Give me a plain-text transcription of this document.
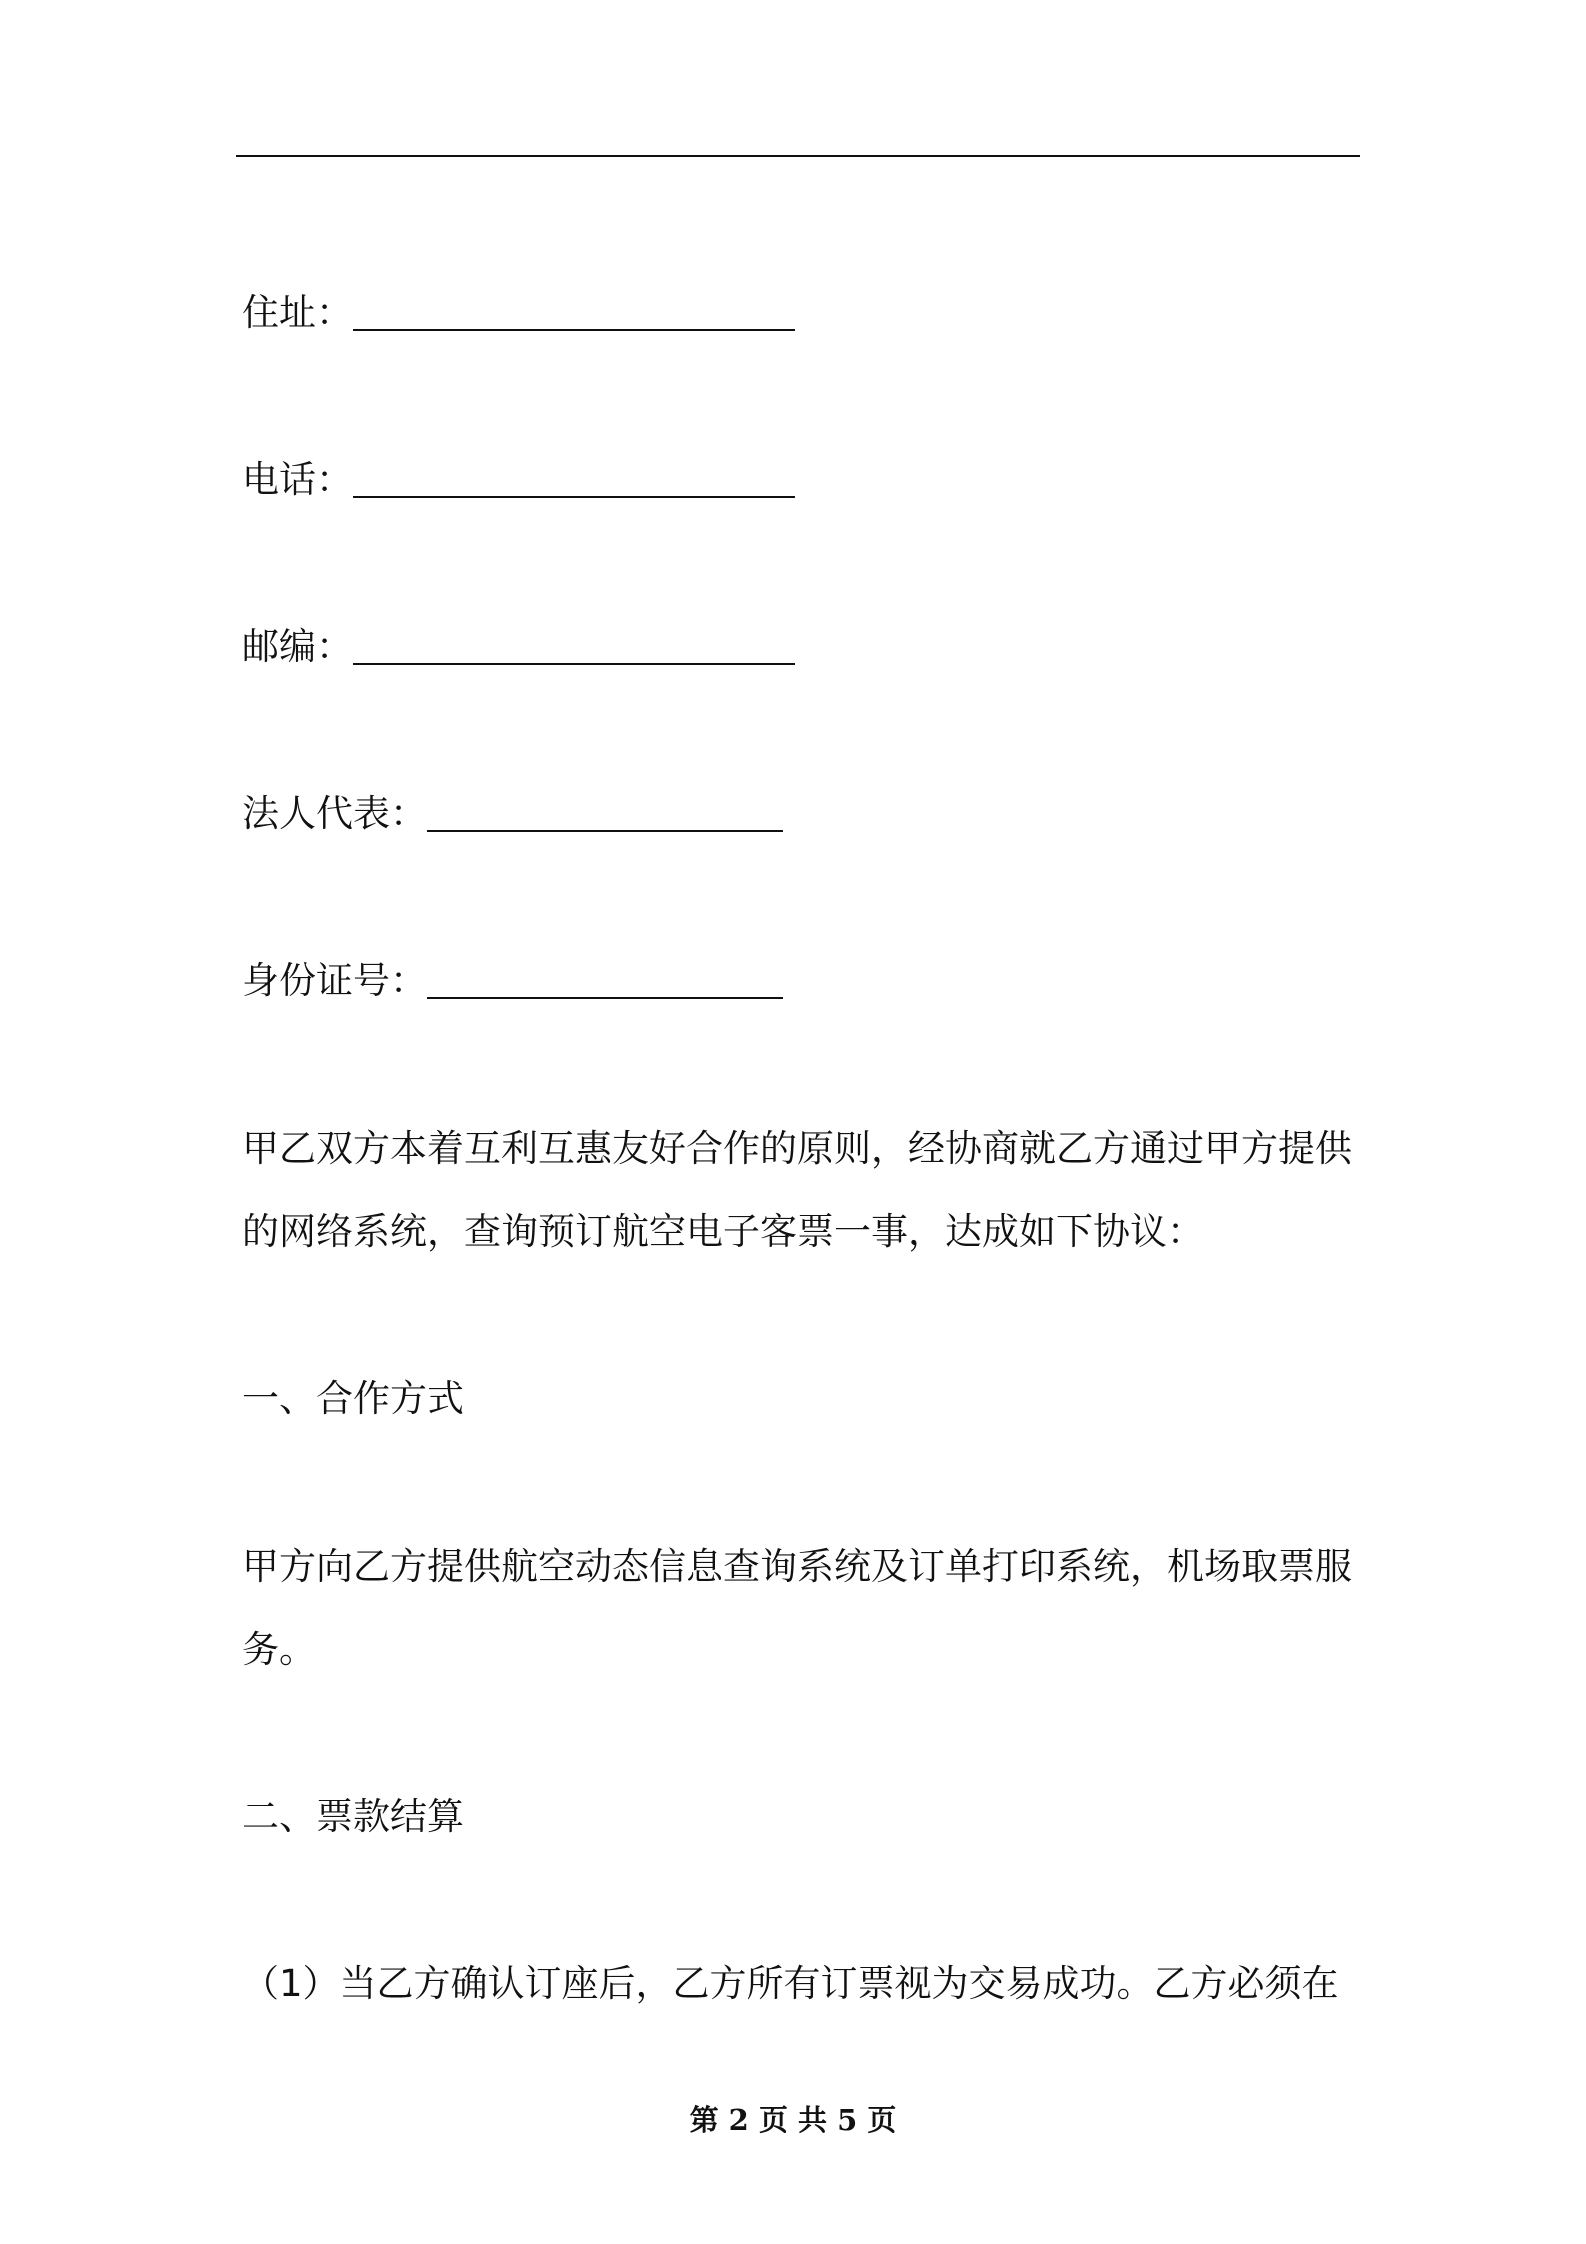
住址：
电话：
邮编：
法人代表：
身份证号：
甲乙双方本着互利互惠友好合作的原则，经协商就乙方通过甲方提供
的网络系统，查询预订航空电子客票一事，达成如下协议：
一、合作方式
甲方向乙方提供航空动态信息查询系统及订单打印系统，机场取票服
务。
二、票款结算
（1）当乙方确认订座后，乙方所有订票视为交易成功。乙方必须在
第 2 页 共 5 页
